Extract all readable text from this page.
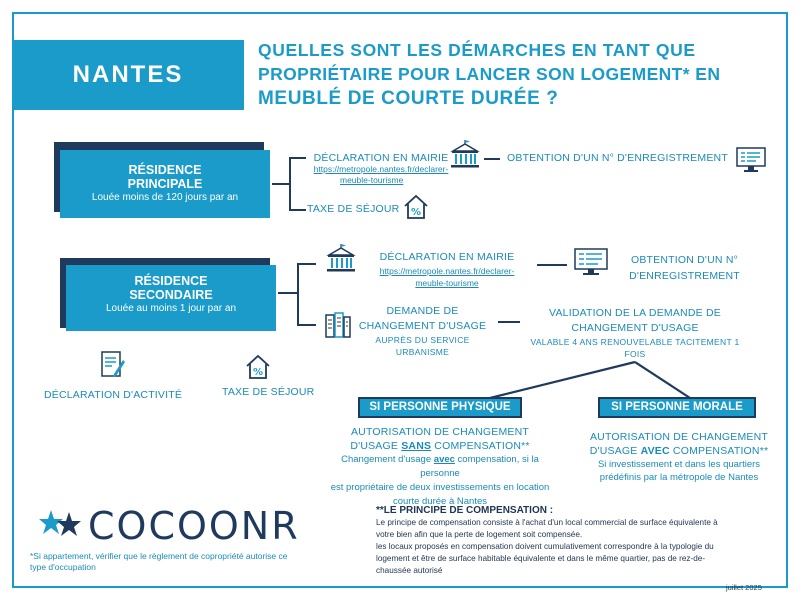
NANTES
QUELLES SONT LES DÉMARCHES EN TANT QUE
PROPRIÉTAIRE POUR LANCER SON LOGEMENT* EN
MEUBLÉ DE COURTE DURÉE ?
RÉSIDENCE
PRINCIPALE
Louée moins de 120 jours par an
DÉCLARATION EN MAIRIE
https://metropole.nantes.fr/declarer-
meuble-tourisme
OBTENTION D'UN N° D'ENREGISTREMENT
TAXE DE SÉJOUR	%
RÉSIDENCE
SECONDAIRE
Louée au moins 1 jour par an
DÉCLARATION EN MAIRIE
https://metropole.nantes.fr/declarer-
meuble-tourisme
OBTENTION D'UN N°
D'ENREGISTREMENT
DEMANDE DE
CHANGEMENT D'USAGE
AUPRÈS DU SERVICE
URBANISME
VALIDATION DE LA DEMANDE DE
CHANGEMENT D'USAGE
VALABLE 4 ANS RENOUVELABLE TACITEMENT 1
FOIS
DÉCLARATION D'ACTIVITÉ
%
TAXE DE SÉJOUR
SI PERSONNE PHYSIQUE
AUTORISATION DE CHANGEMENT
D'USAGE SANS COMPENSATION**
Changement d'usage avec compensation, si la personne
est propriétaire de deux investissements en location
courte durée à Nantes
SI PERSONNE MORALE
AUTORISATION DE CHANGEMENT
D'USAGE AVEC COMPENSATION**
Si investissement et dans les quartiers
prédéfinis par la métropole de Nantes
COCOONR
*Si appartement, vérifier que le règlement de copropriété autorise ce
type d'occupation
**LE PRINCIPE DE COMPENSATION :
Le principe de compensation consiste à l'achat d'un local commercial de surface équivalente à
votre bien afin que la perte de logement soit compensée.
les locaux proposés en compensation doivent cumulativement correspondre à la typologie du
logement et être de surface habitable équivalente et dans le même quartier, pas de rez-de-
chaussée autorisé
juillet 2025
